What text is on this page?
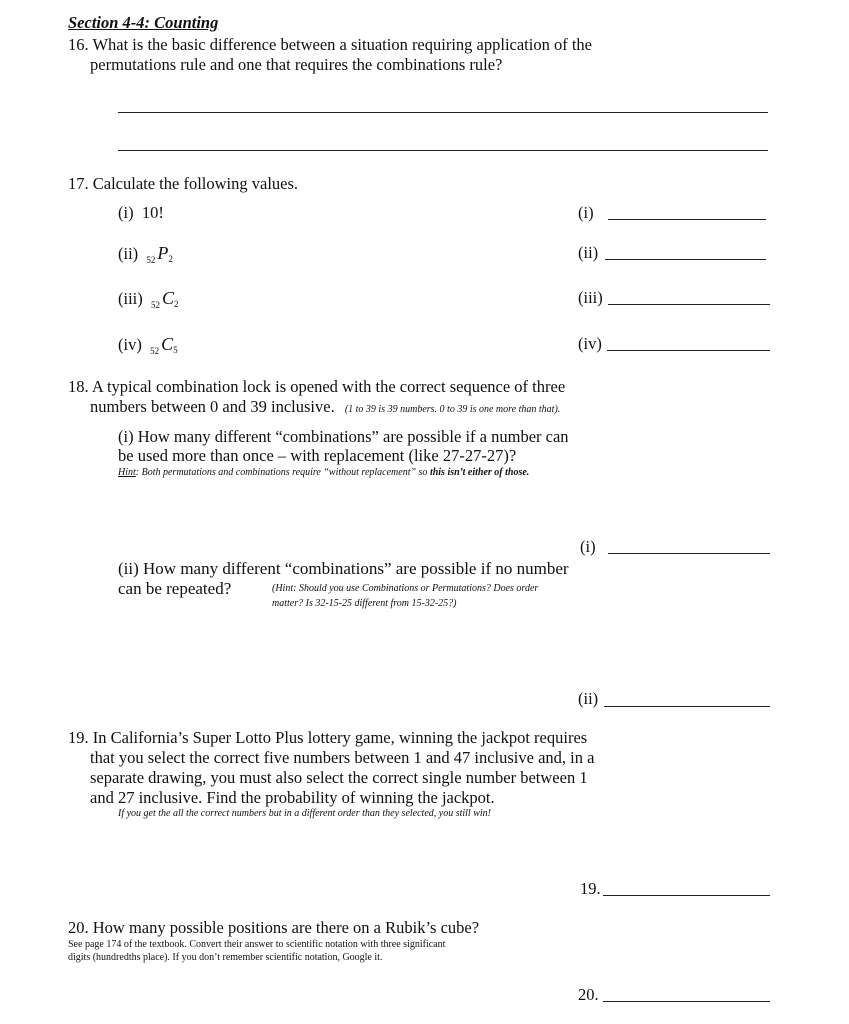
Section 4-4: Counting
16. What is the basic difference between a situation requiring application of the
permutations rule and one that requires the combinations rule?
17. Calculate the following values.
(i) 10!	(i)
(ii) $_{52}$ $P_2$	(ii)
(iii) $_{52}$ $C_2$	(iii)
(iv) $_{52}$ $C_5$	(iv)
18. A typical combination lock is opened with the correct sequence of three
numbers between 0 and 39 inclusive. (1 to 39 is 39 numbers. 0 to 39 is one more than that).
(i) How many different “combinations” are possible if a number can
be used more than once – with replacement (like 27-27-27)?
Hint: Both permutations and combinations require “without replacement” so this isn’t either of those.
(i)
(ii) How many different “combinations” are possible if no number
can be repeated?	(Hint: Should you use Combinations or Permutations? Does order
matter? Is 32-15-25 different from 15-32-25?)
(ii)
19. In California’s Super Lotto Plus lottery game, winning the jackpot requires
that you select the correct five numbers between 1 and 47 inclusive and, in a
separate drawing, you must also select the correct single number between 1
and 27 inclusive. Find the probability of winning the jackpot.
If you get the all the correct numbers but in a different order than they selected, you still win!
19.
20. How many possible positions are there on a Rubik’s cube?
See page 174 of the textbook. Convert their answer to scientific notation with three significant
digits (hundredths place). If you don’t remember scientific notation, Google it.
20.
